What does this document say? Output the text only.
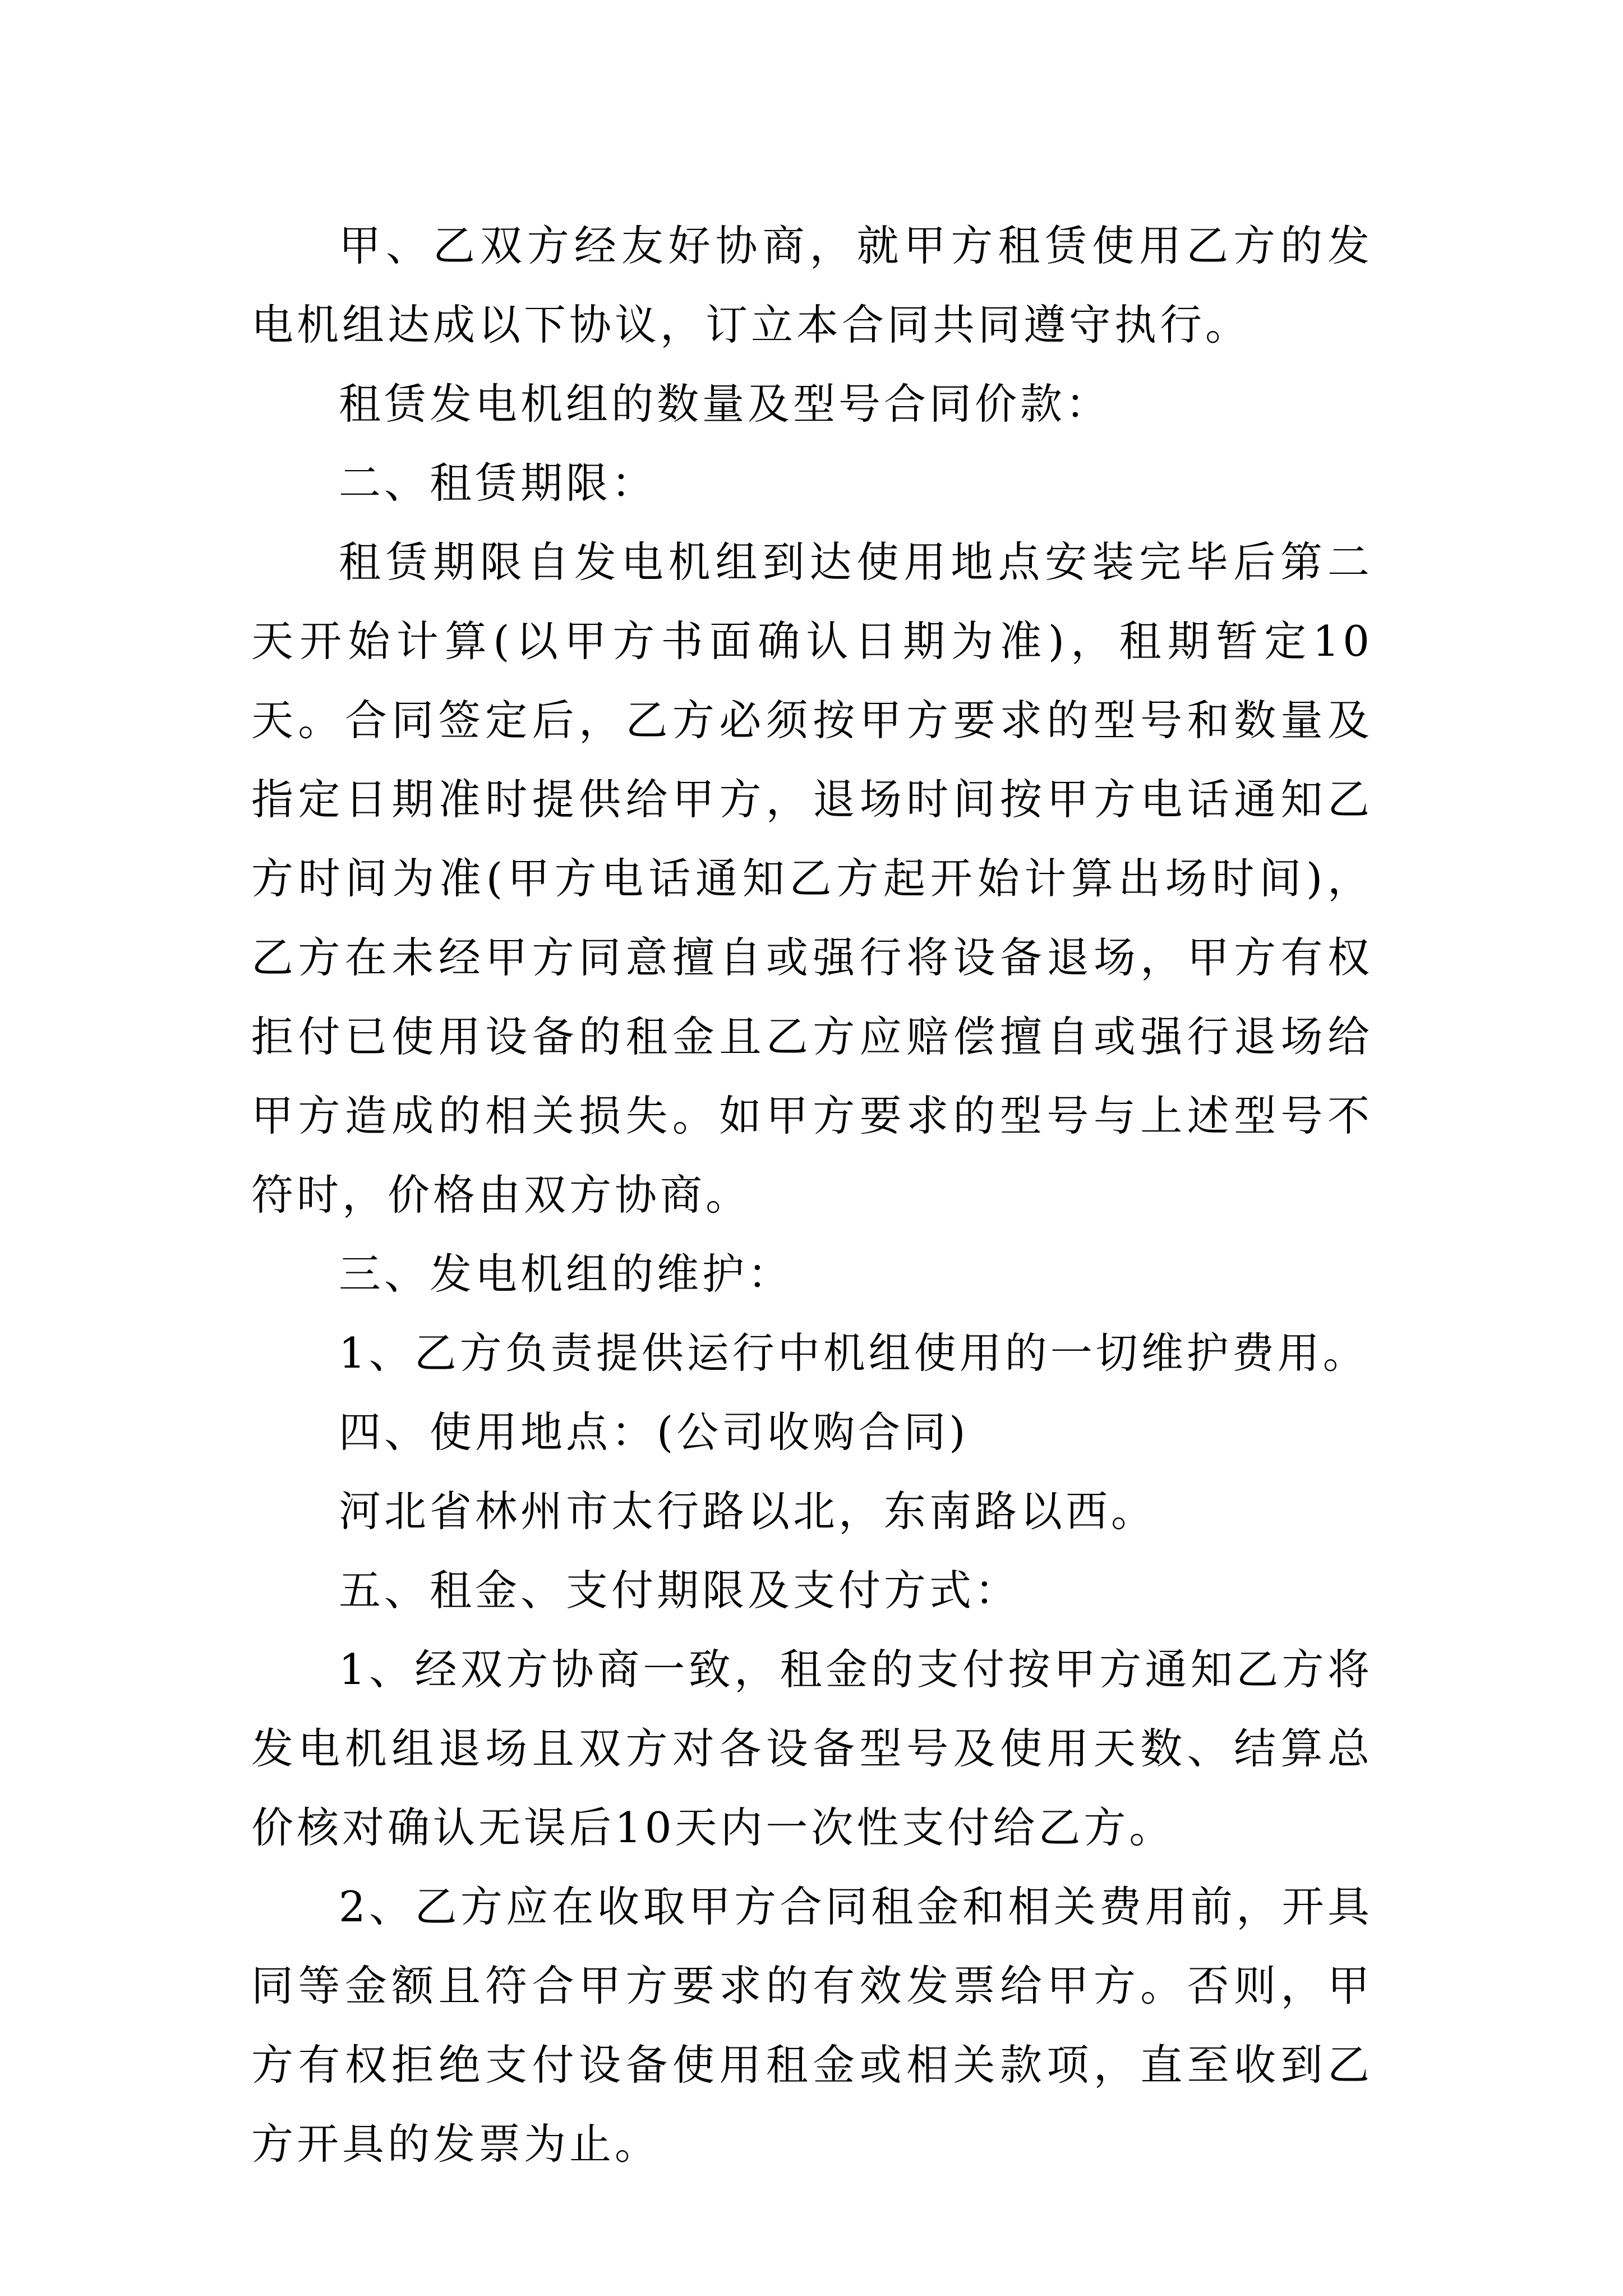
甲、乙双方经友好协商，就甲方租赁使用乙方的发电机组达成以下协议，订立本合同共同遵守执行。

租赁发电机组的数量及型号合同价款：

二、租赁期限：

租赁期限自发电机组到达使用地点安装完毕后第二天开始计算(以甲方书面确认日期为准)，租期暂定10天。合同签定后，乙方必须按甲方要求的型号和数量及指定日期准时提供给甲方，退场时间按甲方电话通知乙方时间为准(甲方电话通知乙方起开始计算出场时间)，乙方在未经甲方同意擅自或强行将设备退场，甲方有权拒付已使用设备的租金且乙方应赔偿擅自或强行退场给甲方造成的相关损失。如甲方要求的型号与上述型号不符时，价格由双方协商。

三、发电机组的维护：

1、乙方负责提供运行中机组使用的一切维护费用。

四、使用地点：(公司收购合同)

河北省林州市太行路以北，东南路以西。

五、租金、支付期限及支付方式：

1、经双方协商一致，租金的支付按甲方通知乙方将发电机组退场且双方对各设备型号及使用天数、结算总价核对确认无误后10天内一次性支付给乙方。

2、乙方应在收取甲方合同租金和相关费用前，开具同等金额且符合甲方要求的有效发票给甲方。否则，甲方有权拒绝支付设备使用租金或相关款项，直至收到乙方开具的发票为止。
